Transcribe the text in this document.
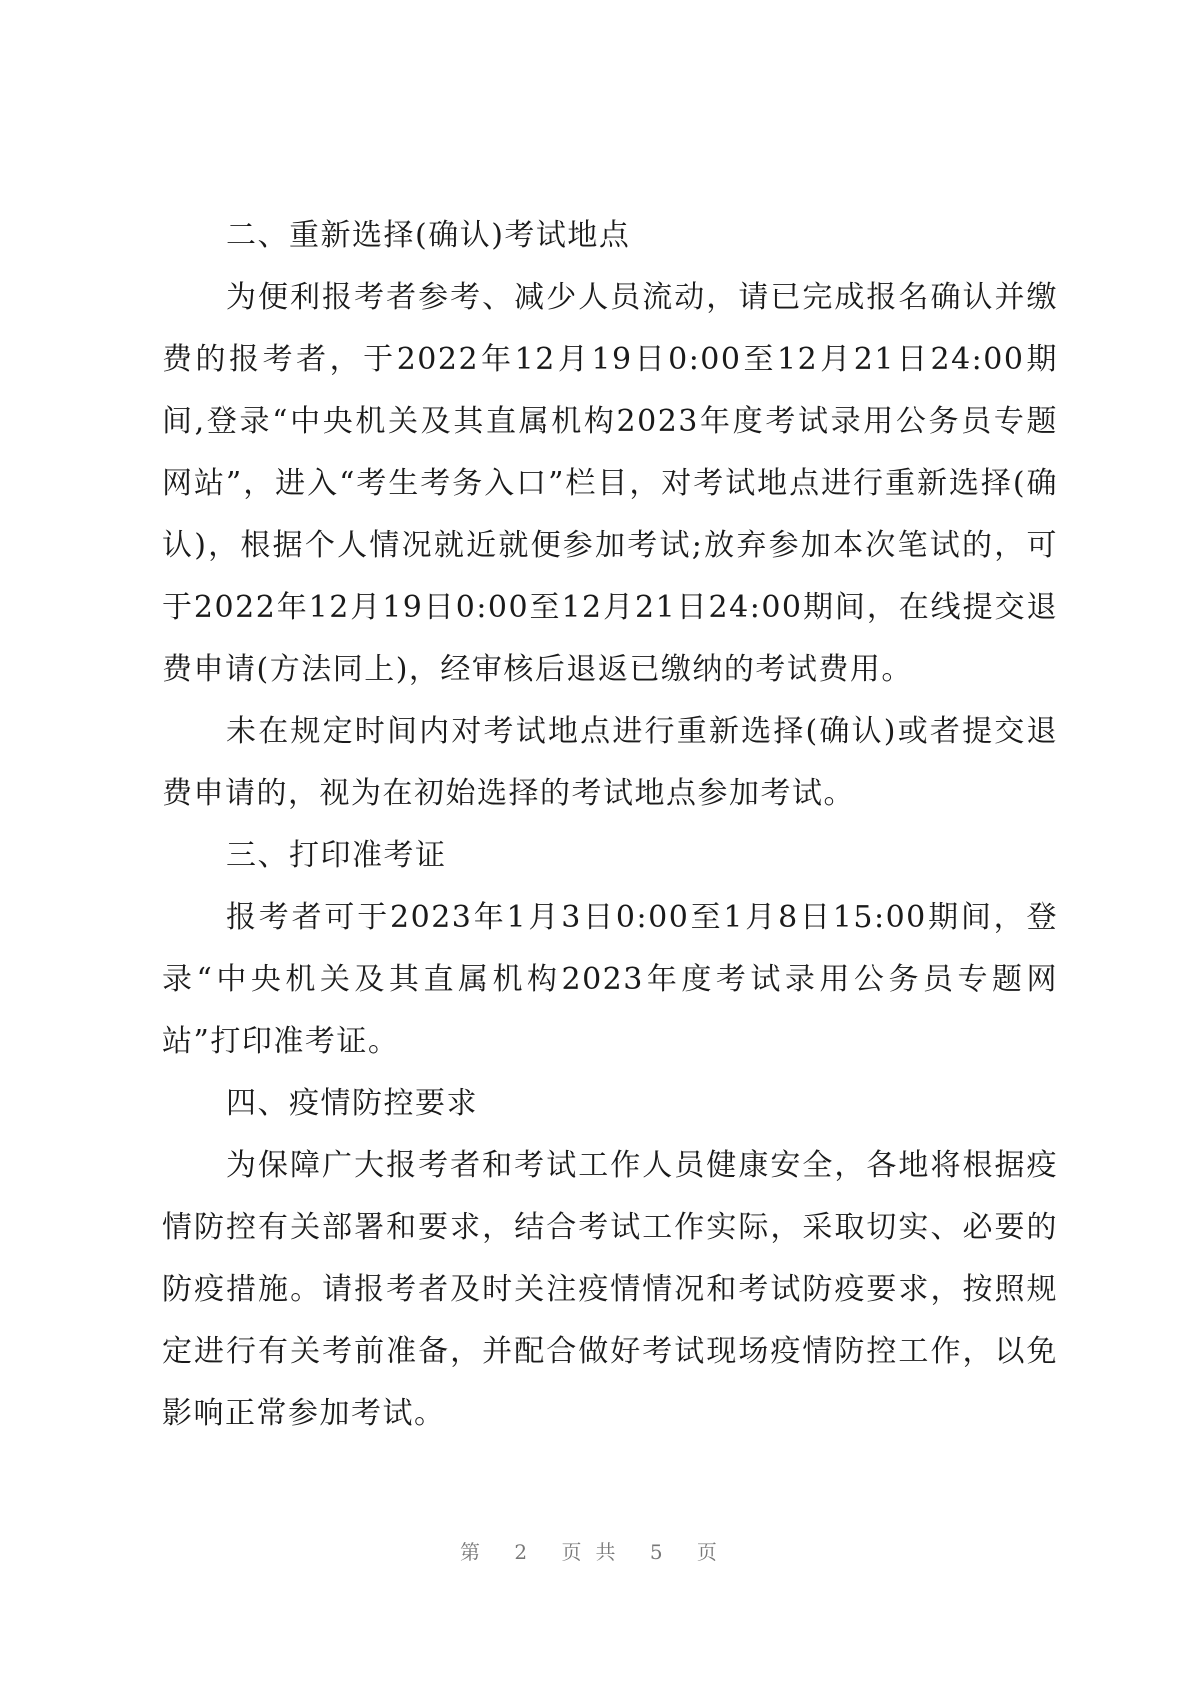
二、重新选择(确认)考试地点

为便利报考者参考、减少人员流动，请已完成报名确认并缴费的报考者，于2022年12月19日0:00至12月21日24:00期间,登录“中央机关及其直属机构2023年度考试录用公务员专题网站”，进入“考生考务入口”栏目，对考试地点进行重新选择(确认)，根据个人情况就近就便参加考试;放弃参加本次笔试的，可于2022年12月19日0:00至12月21日24:00期间，在线提交退费申请(方法同上)，经审核后退返已缴纳的考试费用。

未在规定时间内对考试地点进行重新选择(确认)或者提交退费申请的，视为在初始选择的考试地点参加考试。

三、打印准考证

报考者可于2023年1月3日0:00至1月8日15:00期间，登录“中央机关及其直属机构2023年度考试录用公务员专题网站”打印准考证。

四、疫情防控要求

为保障广大报考者和考试工作人员健康安全，各地将根据疫情防控有关部署和要求，结合考试工作实际，采取切实、必要的防疫措施。请报考者及时关注疫情情况和考试防疫要求，按照规定进行有关考前准备，并配合做好考试现场疫情防控工作，以免影响正常参加考试。

第 2 页共 5 页
